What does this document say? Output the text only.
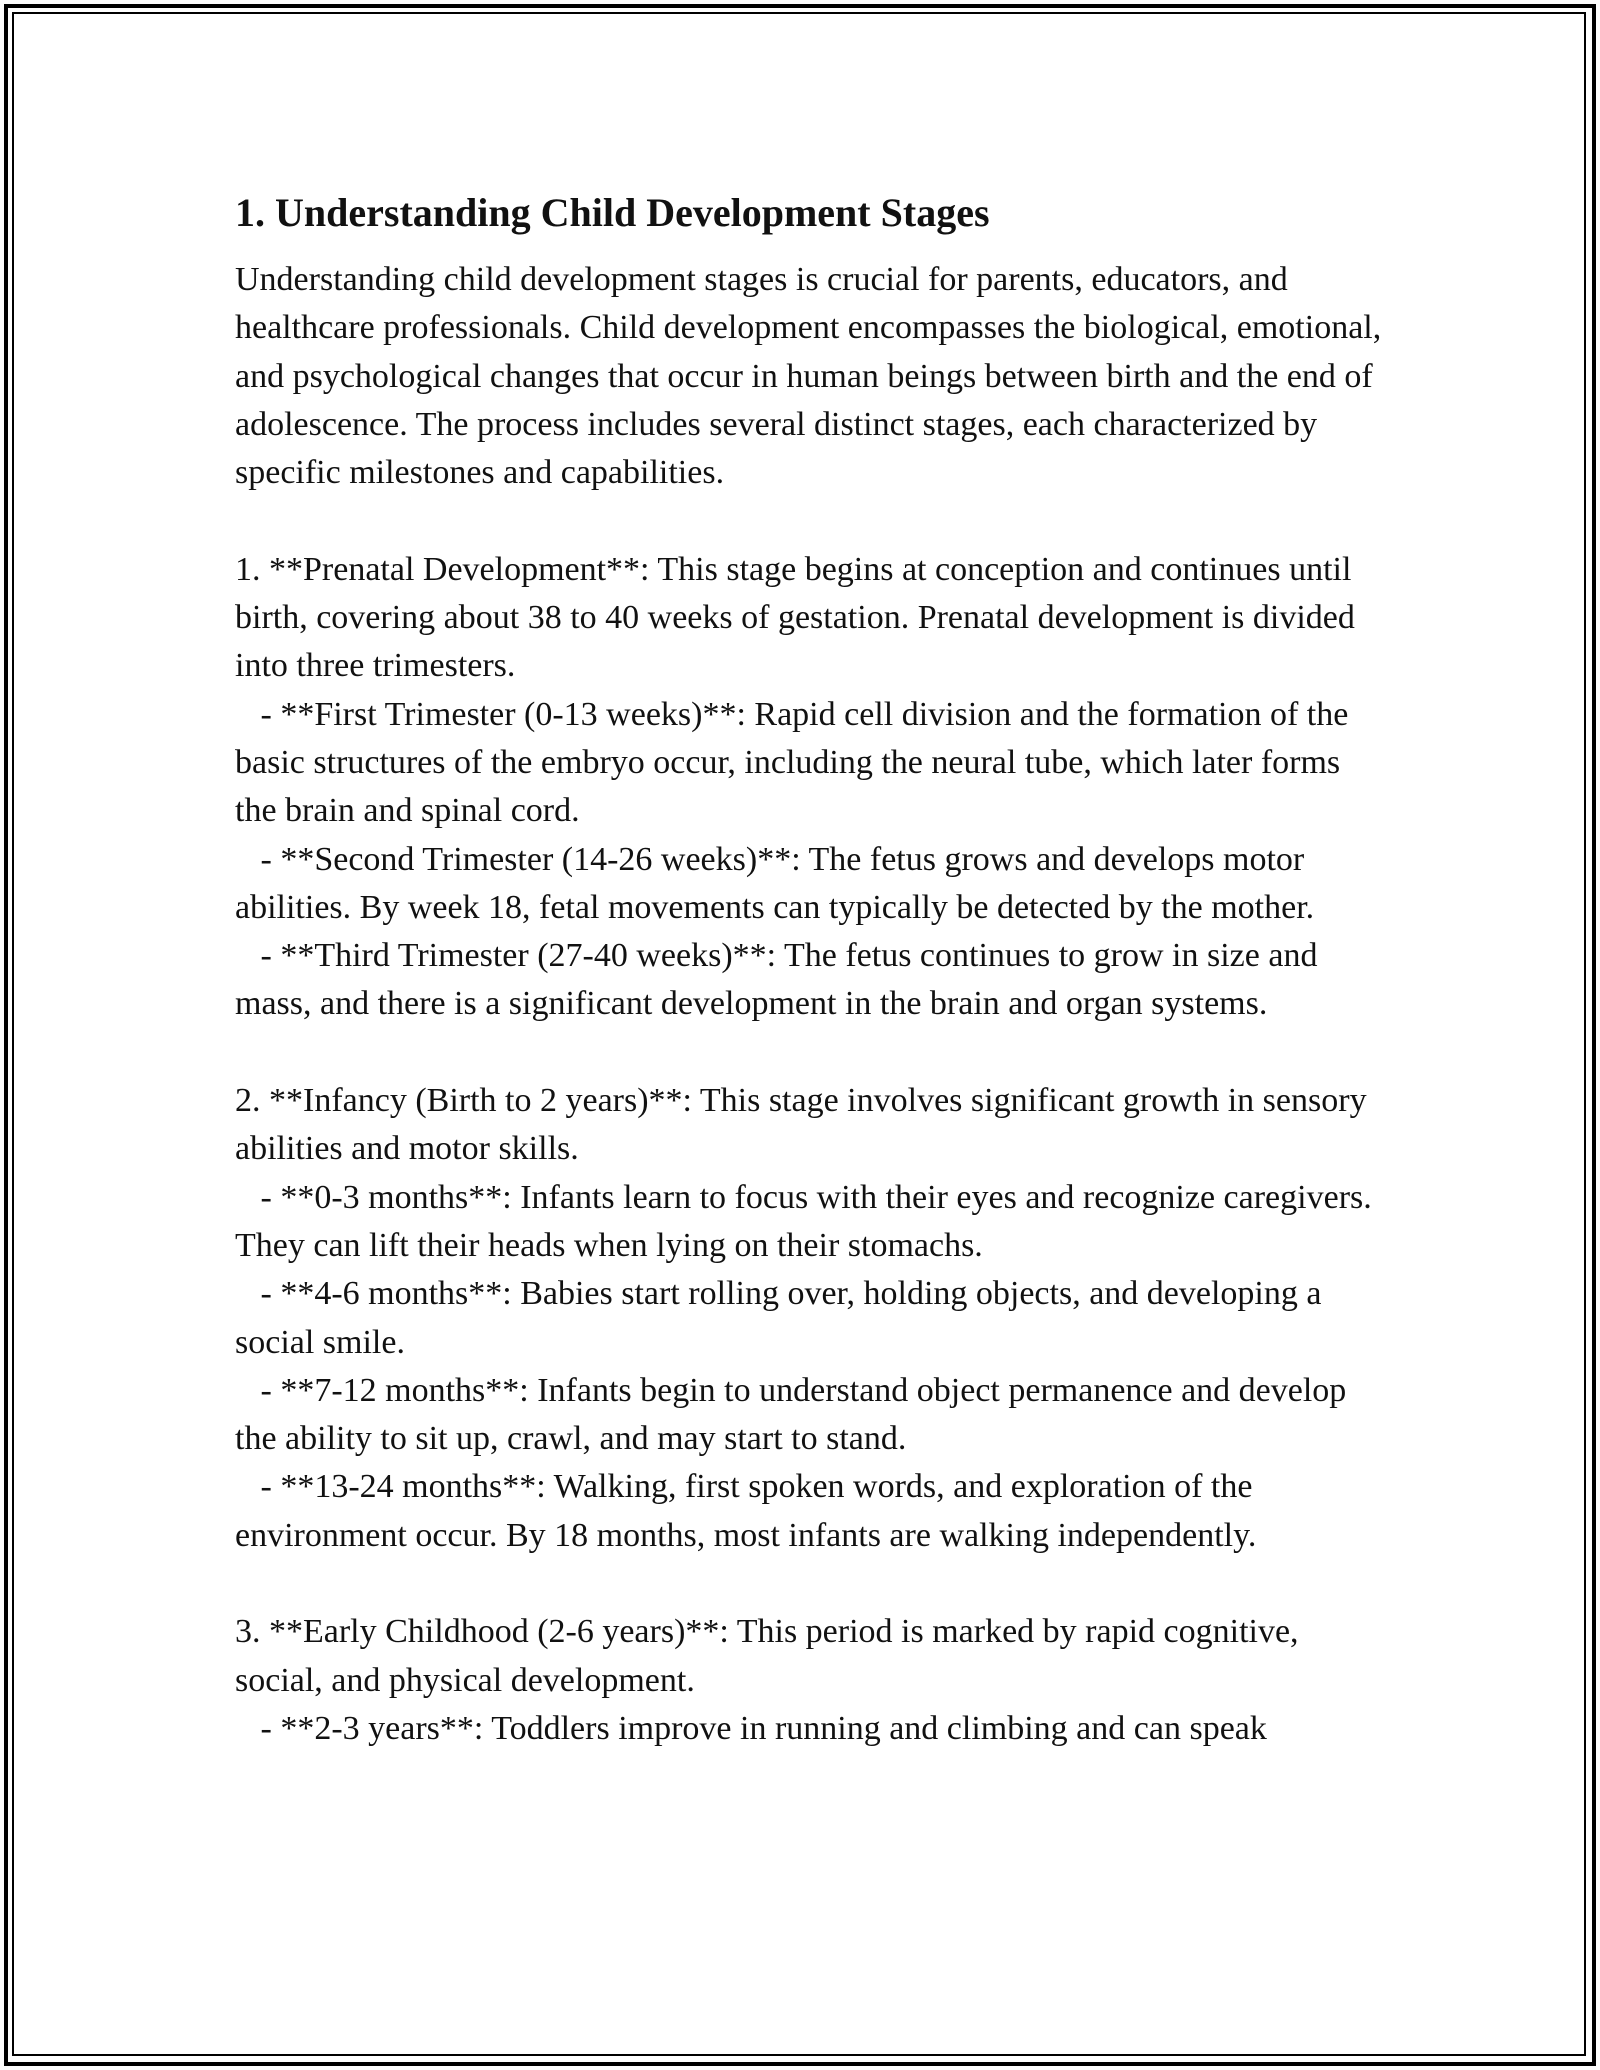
1. Understanding Child Development Stages

Understanding child development stages is crucial for parents, educators, and healthcare professionals. Child development encompasses the biological, emotional, and psychological changes that occur in human beings between birth and the end of adolescence. The process includes several distinct stages, each characterized by specific milestones and capabilities.

1. **Prenatal Development**: This stage begins at conception and continues until birth, covering about 38 to 40 weeks of gestation. Prenatal development is divided into three trimesters.

- **First Trimester (0-13 weeks)**: Rapid cell division and the formation of the basic structures of the embryo occur, including the neural tube, which later forms the brain and spinal cord.

- **Second Trimester (14-26 weeks)**: The fetus grows and develops motor abilities. By week 18, fetal movements can typically be detected by the mother.

- **Third Trimester (27-40 weeks)**: The fetus continues to grow in size and mass, and there is a significant development in the brain and organ systems.

2. **Infancy (Birth to 2 years)**: This stage involves significant growth in sensory abilities and motor skills.

- **0-3 months**: Infants learn to focus with their eyes and recognize caregivers. They can lift their heads when lying on their stomachs.

- **4-6 months**: Babies start rolling over, holding objects, and developing a social smile.

- **7-12 months**: Infants begin to understand object permanence and develop the ability to sit up, crawl, and may start to stand.

- **13-24 months**: Walking, first spoken words, and exploration of the environment occur. By 18 months, most infants are walking independently.

3. **Early Childhood (2-6 years)**: This period is marked by rapid cognitive, social, and physical development.

- **2-3 years**: Toddlers improve in running and climbing and can speak
